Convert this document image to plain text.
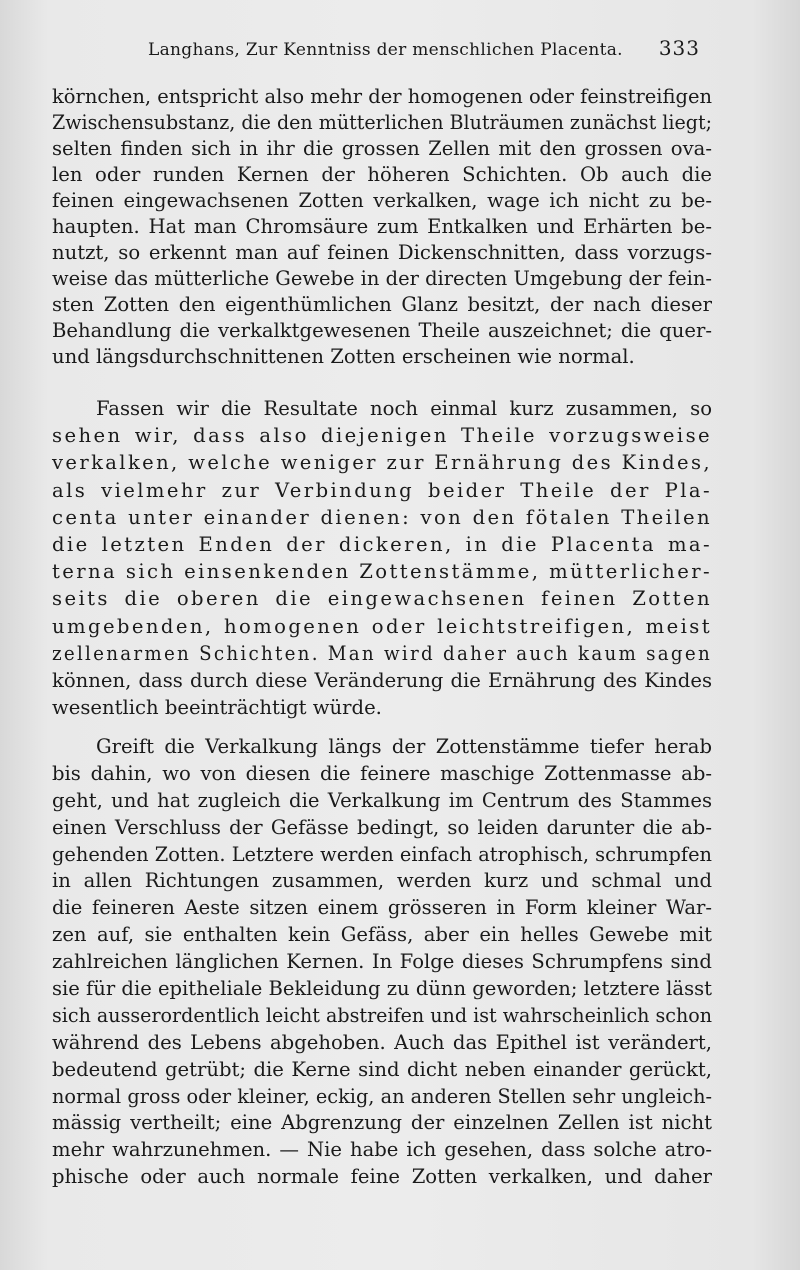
Langhans, Zur Kenntniss der menschlichen Placenta. 333
körnchen, entspricht also mehr der homogenen oder feinstreifigen
Zwischensubstanz, die den mütterlichen Bluträumen zunächst liegt;
selten finden sich in ihr die grossen Zellen mit den grossen ova-
len oder runden Kernen der höheren Schichten. Ob auch die
feinen eingewachsenen Zotten verkalken, wage ich nicht zu be-
haupten. Hat man Chromsäure zum Entkalken und Erhärten be-
nutzt, so erkennt man auf feinen Dickenschnitten, dass vorzugs-
weise das mütterliche Gewebe in der directen Umgebung der fein-
sten Zotten den eigenthümlichen Glanz besitzt, der nach dieser
Behandlung die verkalktgewesenen Theile auszeichnet; die quer-
und längsdurchschnittenen Zotten erscheinen wie normal.
Fassen wir die Resultate noch einmal kurz zusammen, so
sehen wir, dass also diejenigen Theile vorzugsweise
verkalken, welche weniger zur Ernährung des Kindes,
als vielmehr zur Verbindung beider Theile der Pla-
centa unter einander dienen: von den fötalen Theilen
die letzten Enden der dickeren, in die Placenta ma-
terna sich einsenkenden Zottenstämme, mütterlicher-
seits die oberen die eingewachsenen feinen Zotten
umgebenden, homogenen oder leichtstreifigen, meist
zellenarmen Schichten. Man wird daher auch kaum sagen
können, dass durch diese Veränderung die Ernährung des Kindes
wesentlich beeinträchtigt würde.
Greift die Verkalkung längs der Zottenstämme tiefer herab
bis dahin, wo von diesen die feinere maschige Zottenmasse ab-
geht, und hat zugleich die Verkalkung im Centrum des Stammes
einen Verschluss der Gefässe bedingt, so leiden darunter die ab-
gehenden Zotten. Letztere werden einfach atrophisch, schrumpfen
in allen Richtungen zusammen, werden kurz und schmal und
die feineren Aeste sitzen einem grösseren in Form kleiner War-
zen auf, sie enthalten kein Gefäss, aber ein helles Gewebe mit
zahlreichen länglichen Kernen. In Folge dieses Schrumpfens sind
sie für die epitheliale Bekleidung zu dünn geworden; letztere lässt
sich ausserordentlich leicht abstreifen und ist wahrscheinlich schon
während des Lebens abgehoben. Auch das Epithel ist verändert,
bedeutend getrübt; die Kerne sind dicht neben einander gerückt,
normal gross oder kleiner, eckig, an anderen Stellen sehr ungleich-
mässig vertheilt; eine Abgrenzung der einzelnen Zellen ist nicht
mehr wahrzunehmen. — Nie habe ich gesehen, dass solche atro-
phische oder auch normale feine Zotten verkalken, und daher
